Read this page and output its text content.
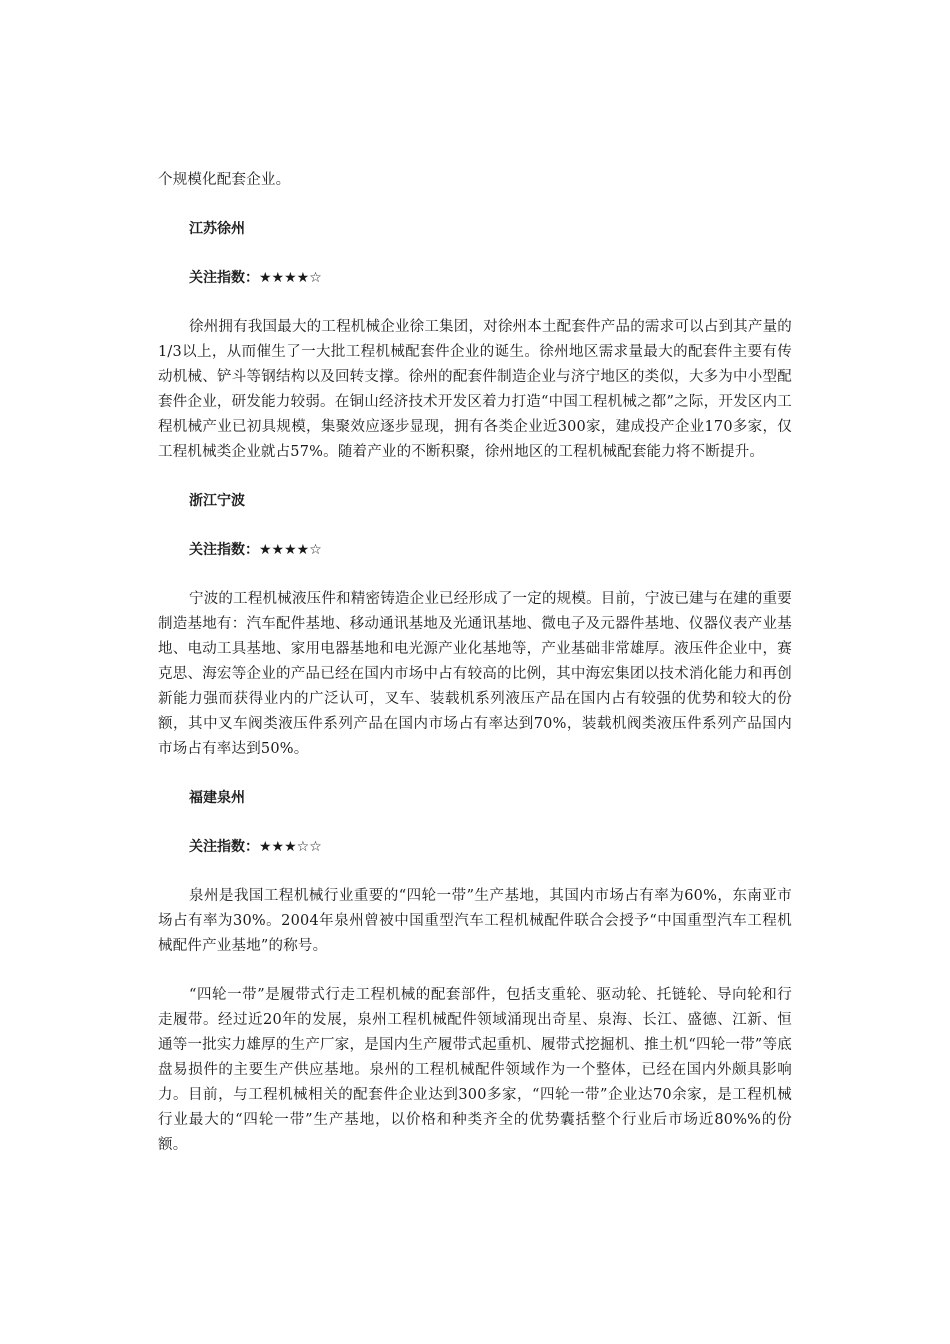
个规模化配套企业。

江苏徐州

关注指数：★★★★☆

徐州拥有我国最大的工程机械企业徐工集团，对徐州本土配套件产品的需求可以占到其产量的1/3以上，从而催生了一大批工程机械配套件企业的诞生。徐州地区需求量最大的配套件主要有传动机械、铲斗等钢结构以及回转支撑。徐州的配套件制造企业与济宁地区的类似，大多为中小型配套件企业，研发能力较弱。在铜山经济技术开发区着力打造“中国工程机械之都”之际，开发区内工程机械产业已初具规模，集聚效应逐步显现，拥有各类企业近300家，建成投产企业170多家，仅工程机械类企业就占57%。随着产业的不断积聚，徐州地区的工程机械配套能力将不断提升。

浙江宁波

关注指数：★★★★☆

宁波的工程机械液压件和精密铸造企业已经形成了一定的规模。目前，宁波已建与在建的重要制造基地有：汽车配件基地、移动通讯基地及光通讯基地、微电子及元器件基地、仪器仪表产业基地、电动工具基地、家用电器基地和电光源产业化基地等，产业基础非常雄厚。液压件企业中，赛克思、海宏等企业的产品已经在国内市场中占有较高的比例，其中海宏集团以技术消化能力和再创新能力强而获得业内的广泛认可，叉车、装载机系列液压产品在国内占有较强的优势和较大的份额，其中叉车阀类液压件系列产品在国内市场占有率达到70%，装载机阀类液压件系列产品国内市场占有率达到50%。

福建泉州

关注指数：★★★☆☆

泉州是我国工程机械行业重要的“四轮一带”生产基地，其国内市场占有率为60%，东南亚市场占有率为30%。2004年泉州曾被中国重型汽车工程机械配件联合会授予“中国重型汽车工程机械配件产业基地”的称号。

“四轮一带”是履带式行走工程机械的配套部件，包括支重轮、驱动轮、托链轮、导向轮和行走履带。经过近20年的发展，泉州工程机械配件领域涌现出奇星、泉海、长江、盛德、江新、恒通等一批实力雄厚的生产厂家，是国内生产履带式起重机、履带式挖掘机、推土机“四轮一带”等底盘易损件的主要生产供应基地。泉州的工程机械配件领域作为一个整体，已经在国内外颇具影响力。目前，与工程机械相关的配套件企业达到300多家，“四轮一带”企业达70余家，是工程机械行业最大的“四轮一带”生产基地，以价格和种类齐全的优势囊括整个行业后市场近80%%的份额。
